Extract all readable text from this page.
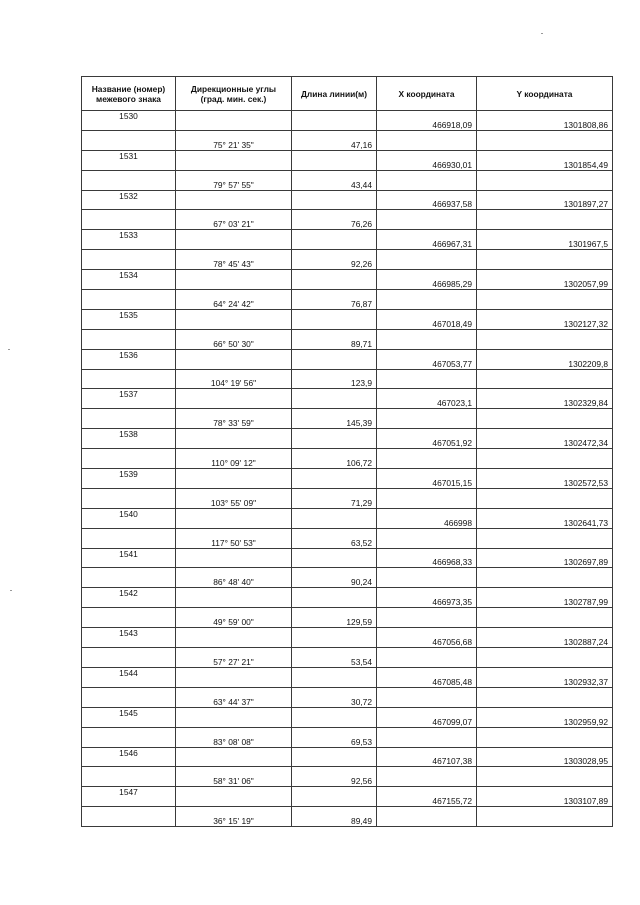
Название (номер) межевого знака	Дирекционные углы (град. мин. сек.)	Длина линии(м)	X координата	Y координата
1530			466918,09	1301808,86
	75° 21' 35"	47,16		
1531			466930,01	1301854,49
	79° 57' 55"	43,44		
1532			466937,58	1301897,27
	67° 03' 21"	76,26		
1533			466967,31	1301967,5
	78° 45' 43"	92,26		
1534			466985,29	1302057,99
	64° 24' 42"	76,87		
1535			467018,49	1302127,32
	66° 50' 30"	89,71		
1536			467053,77	1302209,8
	104° 19' 56"	123,9		
1537			467023,1	1302329,84
	78° 33' 59"	145,39		
1538			467051,92	1302472,34
	110° 09' 12"	106,72		
1539			467015,15	1302572,53
	103° 55' 09"	71,29		
1540			466998	1302641,73
	117° 50' 53"	63,52		
1541			466968,33	1302697,89
	86° 48' 40"	90,24		
1542			466973,35	1302787,99
	49° 59' 00"	129,59		
1543			467056,68	1302887,24
	57° 27' 21"	53,54		
1544			467085,48	1302932,37
	63° 44' 37"	30,72		
1545			467099,07	1302959,92
	83° 08' 08"	69,53		
1546			467107,38	1303028,95
	58° 31' 06"	92,56		
1547			467155,72	1303107,89
	36° 15' 19"	89,49		
